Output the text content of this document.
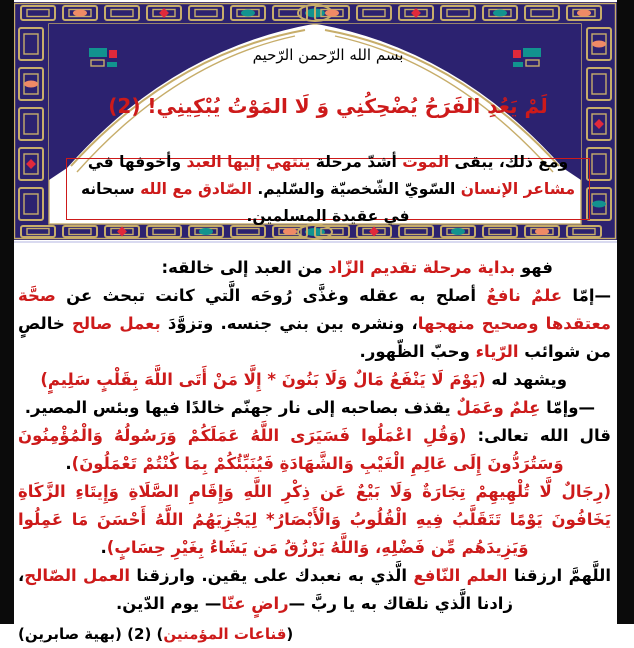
بسم الله الرّحمن الرّحيم
لَمْ يَعُدِ الفَرَحُ يُضْحِكُنِي وَ لَا المَوْتُ يُبْكِينِي! (2)
ومع ذلك، يبقى الموت أشدّ مرحلة ينتهي إليها العبد وأخوفها في مشاعر الإنسان السّويّ الشّخصيّة والسّليم. الصّادق مع الله سبحانه في عقيدة المسلمين.

فهو بداية مرحلة تقديم الزّاد من العبد إلى خالقه:

—إمّا علمٌ نافعٌ أصلح به عقله وغذَّى رُوحَه الَّتي كانت تبحث عن صحَّة معتقدها وصحيح منهجها، ونشره بين بني جنسه. وتزوَّدَ بعمل صالح خالصٍ من شوائب الرّياء وحبّ الظّهور.

ويشهد له (يَوْمَ لَا يَنْفَعُ مَالٌ وَلَا بَنُونَ * إِلَّا مَنْ أَتَى اللَّهَ بِقَلْبٍ سَلِيمٍ)

—وإمّا عِلمٌ وعَمَلٌ يقذف بصاحبه إلى نار جهنّم خالدًا فيها وبئس المصير.

قال الله تعالى: (وَقُلِ اعْمَلُوا فَسَيَرَى اللَّهُ عَمَلَكُمْ وَرَسُولُهُ وَالْمُؤْمِنُونَ وَسَتُرَدُّونَ إِلَى عَالِمِ الْغَيْبِ وَالشَّهَادَةِ فَيُنَبِّئُكُمْ بِمَا كُنْتُمْ تَعْمَلُونَ).

(رِجَالٌ لَّا تُلْهِيهِمْ تِجَارَةٌ وَلَا بَيْعٌ عَن ذِكْرِ اللَّهِ وَإِقَامِ الصَّلَاةِ وَإِيتَاءِ الزَّكَاةِ يَخَافُونَ يَوْمًا تَتَقَلَّبُ فِيهِ الْقُلُوبُ وَالْأَبْصَارُ* لِيَجْزِيَهُمُ اللَّهُ أَحْسَنَ مَا عَمِلُوا وَيَزِيدَهُم مِّن فَضْلِهِ، وَاللَّهُ يَرْزُقُ مَن يَشَاءُ بِغَيْرِ حِسَابٍ).

اللَّهمَّ ارزقنا العلم النّافع الَّذي به نعبدك على يقين. وارزقنا العمل الصّالح، زادنا الَّذي نلقاك به يا ربَّ —راضٍ عنّا— يوم الدّين.

(قناعات المؤمنين) (2) (بهية صابرين)
